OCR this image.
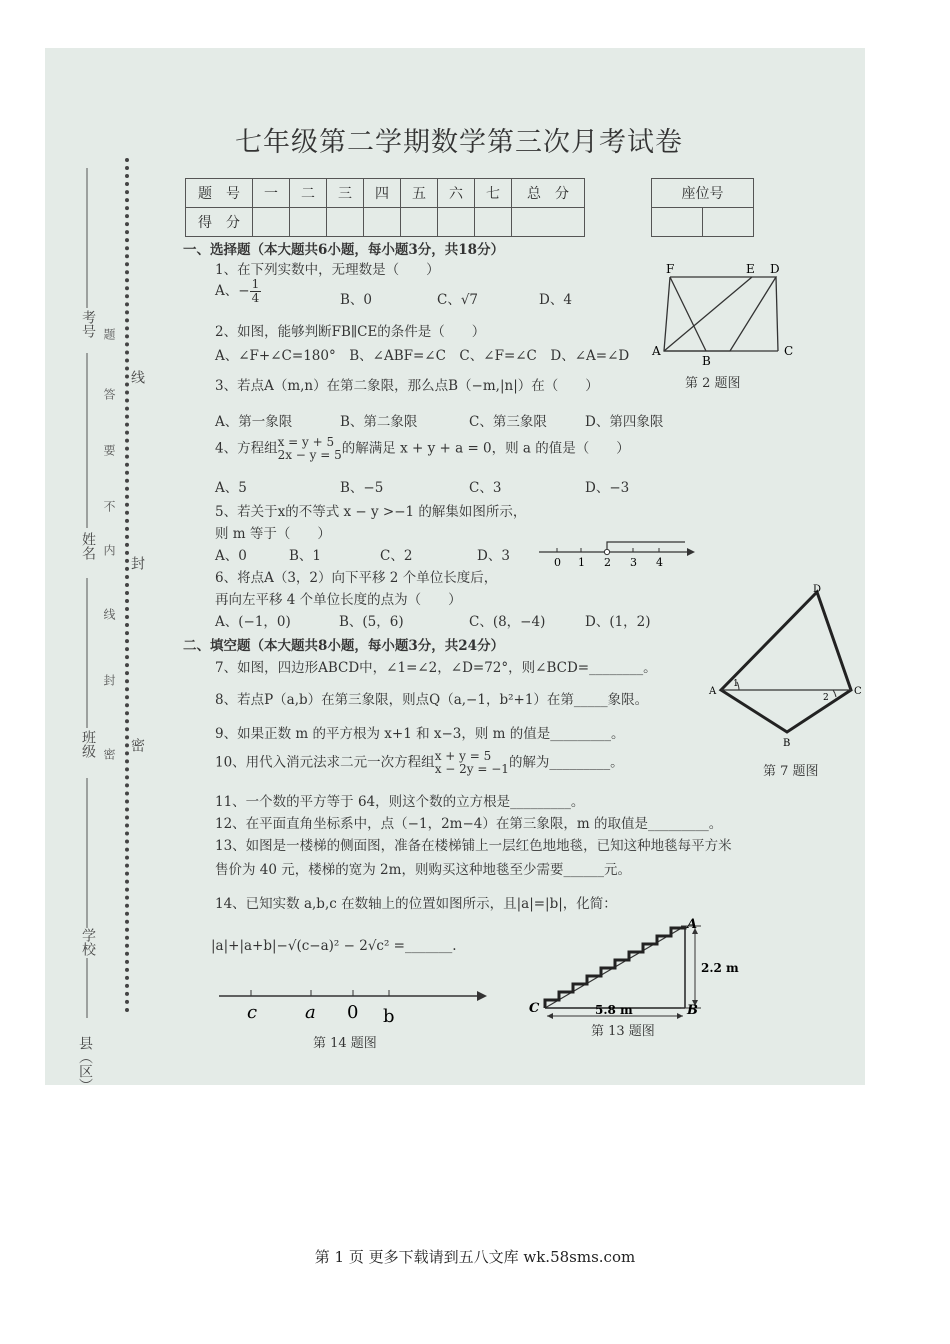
七年级第二学期数学第三次月考试卷
题　号	一	二	三	四	五	六	七	总　分
得　分								
座位号

考号
姓名
班级
学校
县（区）
题
答
要
不
内
线
封
密
线
封
密
一、选择题（本大题共6小题，每小题3分，共18分）
1、在下列实数中，无理数是（　　）
A、− $\frac{1}{4}$	B、0	C、√7	D、4
2、如图，能够判断FB∥CE的条件是（　　）
A、∠F+∠C=180°　B、∠ABF=∠C　C、∠F=∠C　D、∠A=∠D
F	E D
A
B
C
第 2 题图
3、若点A（m,n）在第二象限，那么点B（−m,|n|）在（　　）
A、第一象限	B、第二象限	C、第三象限	D、第四象限
4、方程组 x = y + 5
2x − y = 5 的解满足 x + y + a = 0，则 a 的值是（　　）
A、5	B、−5	C、3	D、−3
5、若关于x的不等式 x − y >−1 的解集如图所示，
则 m 等于（　　）
A、0	B、1	C、2	D、3	0 1 2 3 4
6、将点A（3，2）向下平移 2 个单位长度后，
再向左平移 4 个单位长度的点为（　　）
A、(−1，0)	B、(5，6)	C、(8，−4)	D、(1，2)
二、填空题（本大题共8小题，每小题3分，共24分）
7、如图，四边形ABCD中，∠1=∠2，∠D=72°，则∠BCD=________。
D
A	C
B
1
2
第 7 题图
8、若点P（a,b）在第三象限，则点Q（a,−1，b²+1）在第_____象限。
9、如果正数 m 的平方根为 x+1 和 x−3，则 m 的值是_________。
10、用代入消元法求二元一次方程组 x + y = 5
x − 2y = −1 的解为_________。
11、一个数的平方等于 64，则这个数的立方根是_________。
12、在平面直角坐标系中，点（−1，2m−4）在第三象限，m 的取值是_________。
13、如图是一楼梯的侧面图，准备在楼梯铺上一层红色地地毯，已知这种地毯每平方米
售价为 40 元，楼梯的宽为 2m，则购买这种地毯至少需要______元。
14、已知实数 a,b,c 在数轴上的位置如图所示，且|a|=|b|，化简：
|a|+|a+b|−√(c−a)² − 2√c² =_______.
c	a 0 b
第 14 题图
A
C	B
2.2 m
5.8 m
第 13 题图
第 1 页 更多下载请到五八文库 wk.58sms.com
